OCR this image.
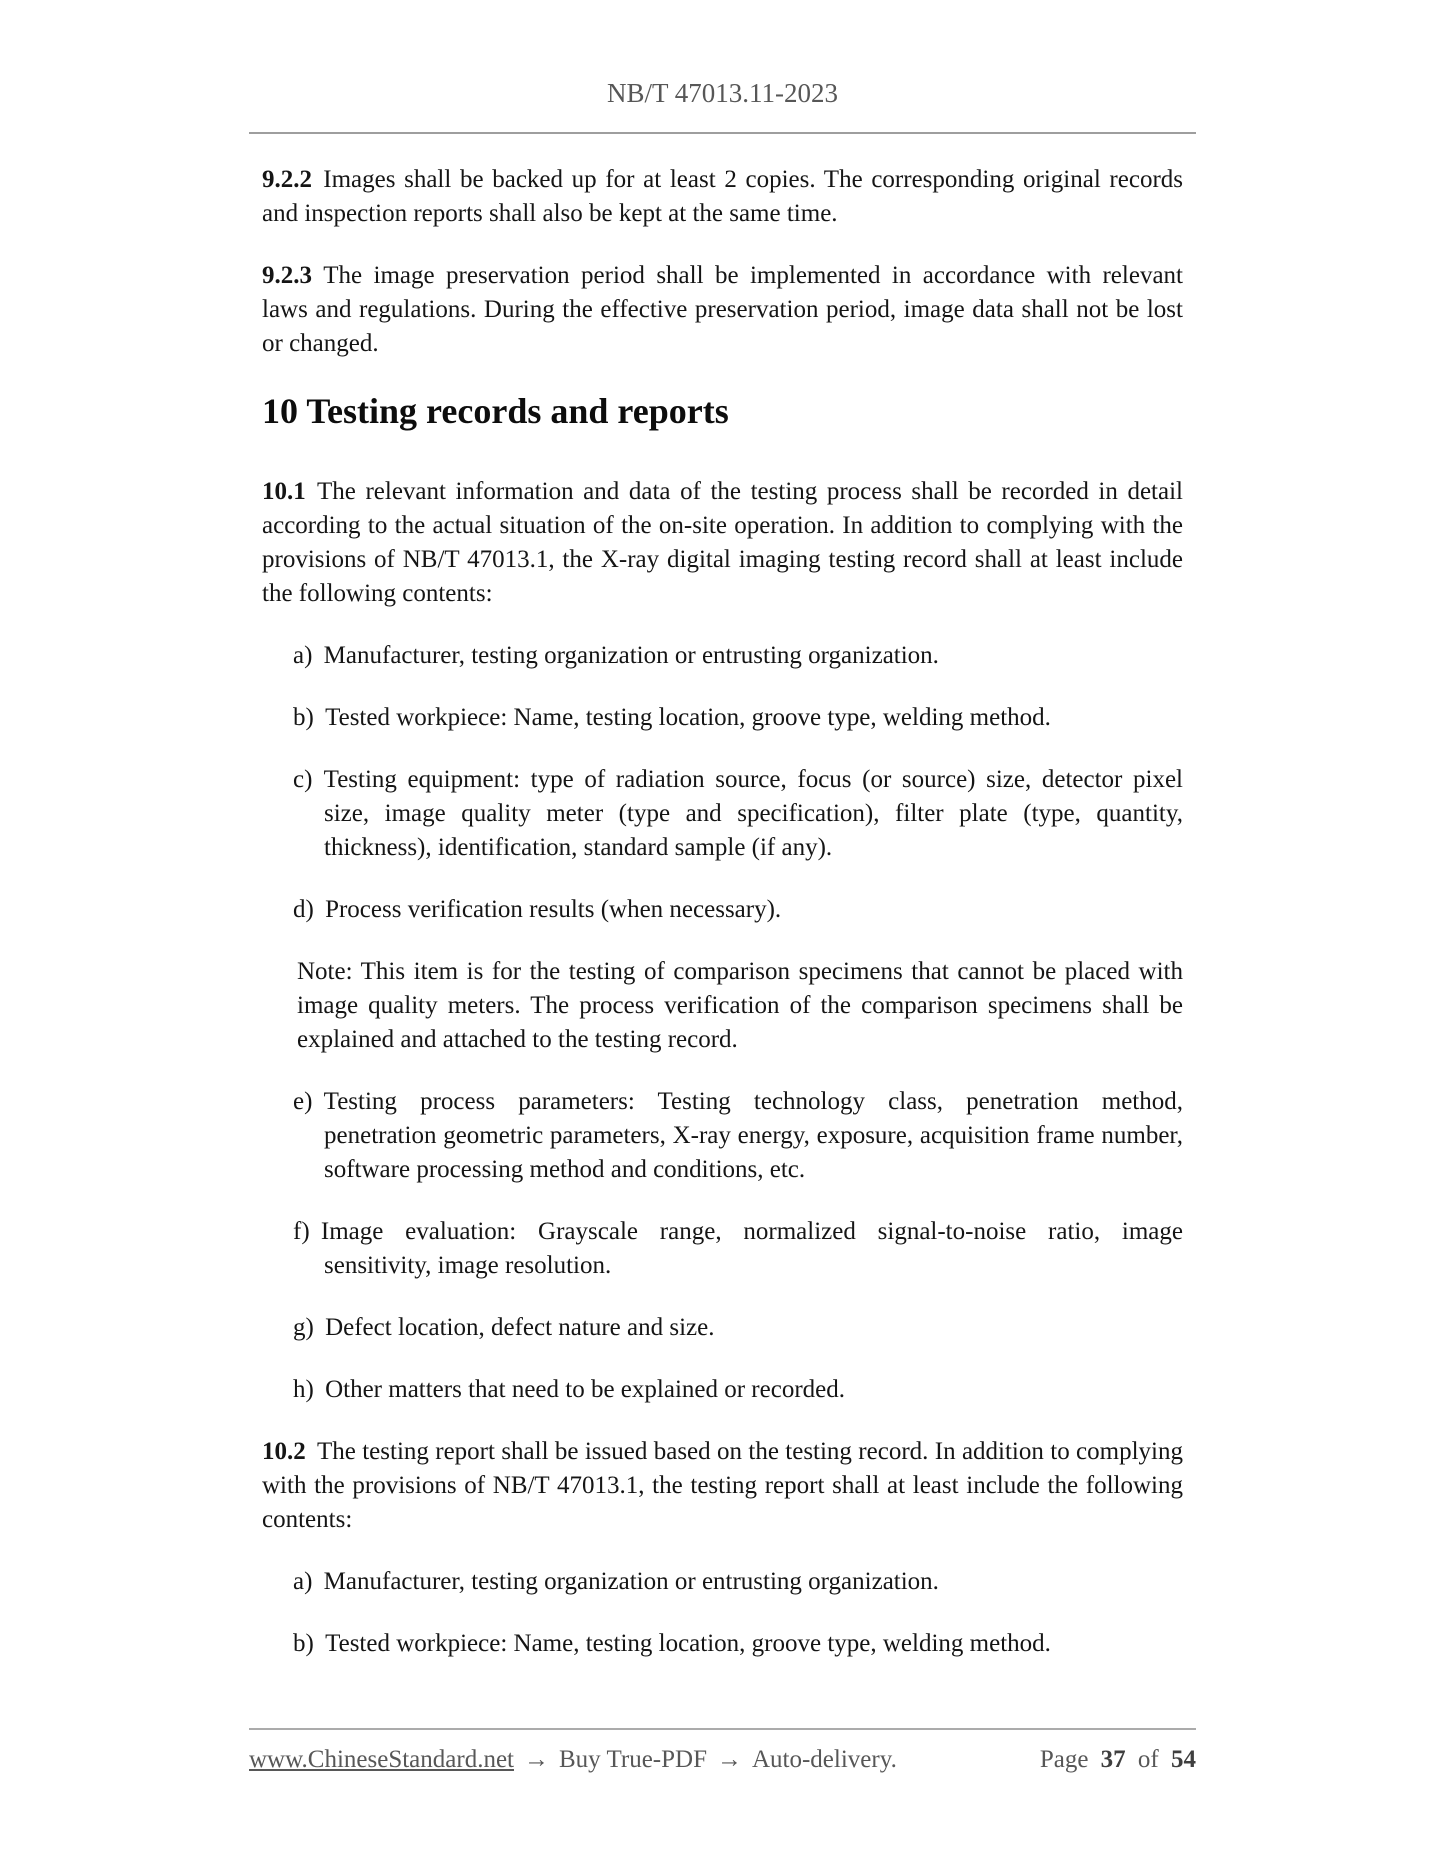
NB/T 47013.11-2023
9.2.2 Images shall be backed up for at least 2 copies. The corresponding original records and inspection reports shall also be kept at the same time.
9.2.3 The image preservation period shall be implemented in accordance with relevant laws and regulations. During the effective preservation period, image data shall not be lost or changed.
10 Testing records and reports
10.1 The relevant information and data of the testing process shall be recorded in detail according to the actual situation of the on-site operation. In addition to complying with the provisions of NB/T 47013.1, the X-ray digital imaging testing record shall at least include the following contents:
a) Manufacturer, testing organization or entrusting organization.
b) Tested workpiece: Name, testing location, groove type, welding method.
c) Testing equipment: type of radiation source, focus (or source) size, detector pixel size, image quality meter (type and specification), filter plate (type, quantity, thickness), identification, standard sample (if any).
d) Process verification results (when necessary).
Note: This item is for the testing of comparison specimens that cannot be placed with image quality meters. The process verification of the comparison specimens shall be explained and attached to the testing record.
e) Testing process parameters: Testing technology class, penetration method, penetration geometric parameters, X-ray energy, exposure, acquisition frame number, software processing method and conditions, etc.
f) Image evaluation: Grayscale range, normalized signal-to-noise ratio, image sensitivity, image resolution.
g) Defect location, defect nature and size.
h) Other matters that need to be explained or recorded.
10.2 The testing report shall be issued based on the testing record. In addition to complying with the provisions of NB/T 47013.1, the testing report shall at least include the following contents:
a) Manufacturer, testing organization or entrusting organization.
b) Tested workpiece: Name, testing location, groove type, welding method.
www.ChineseStandard.net → Buy True-PDF → Auto-delivery.	Page 37 of 54
